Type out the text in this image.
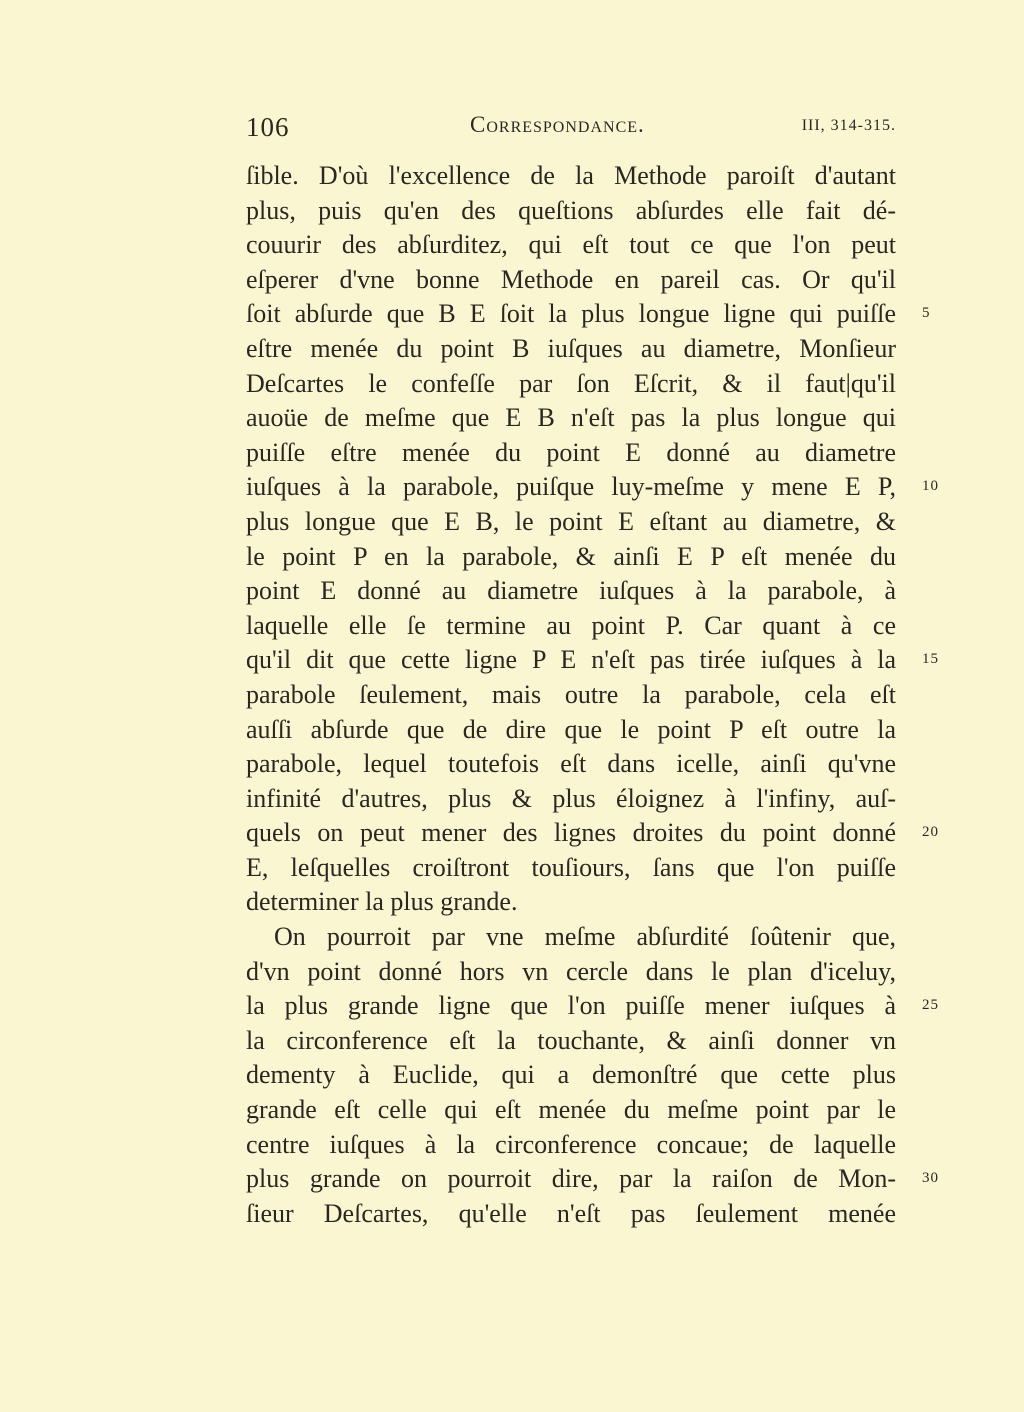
106	Correspondance.	III, 314-315.
ſible. D'où l'excellence de la Methode paroiſt d'autant
plus, puis qu'en des queſtions abſurdes elle fait dé-
couurir des abſurditez, qui eſt tout ce que l'on peut
eſperer d'vne bonne Methode en pareil cas. Or qu'il
ſoit abſurde que B E ſoit la plus longue ligne qui puiſſe
eſtre menée du point B iuſques au diametre, Monſieur
Deſcartes le confeſſe par ſon Eſcrit, & il faut|qu'il
auoüe de meſme que E B n'eſt pas la plus longue qui
puiſſe eſtre menée du point E donné au diametre
iuſques à la parabole, puiſque luy-meſme y mene E P,
plus longue que E B, le point E eſtant au diametre, &
le point P en la parabole, & ainſi E P eſt menée du
point E donné au diametre iuſques à la parabole, à
laquelle elle ſe termine au point P. Car quant à ce
qu'il dit que cette ligne P E n'eſt pas tirée iuſques à la
parabole ſeulement, mais outre la parabole, cela eſt
auſſi abſurde que de dire que le point P eſt outre la
parabole, lequel toutefois eſt dans icelle, ainſi qu'vne
infinité d'autres, plus & plus éloignez à l'infiny, auſ-
quels on peut mener des lignes droites du point donné
E, leſquelles croiſtront touſiours, ſans que l'on puiſſe
determiner la plus grande.
On pourroit par vne meſme abſurdité ſoûtenir que,
d'vn point donné hors vn cercle dans le plan d'iceluy,
la plus grande ligne que l'on puiſſe mener iuſques à
la circonference eſt la touchante, & ainſi donner vn
dementy à Euclide, qui a demonſtré que cette plus
grande eſt celle qui eſt menée du meſme point par le
centre iuſques à la circonference concaue; de laquelle
plus grande on pourroit dire, par la raiſon de Mon-
ſieur Deſcartes, qu'elle n'eſt pas ſeulement menée
5
10
15
20
25
30
